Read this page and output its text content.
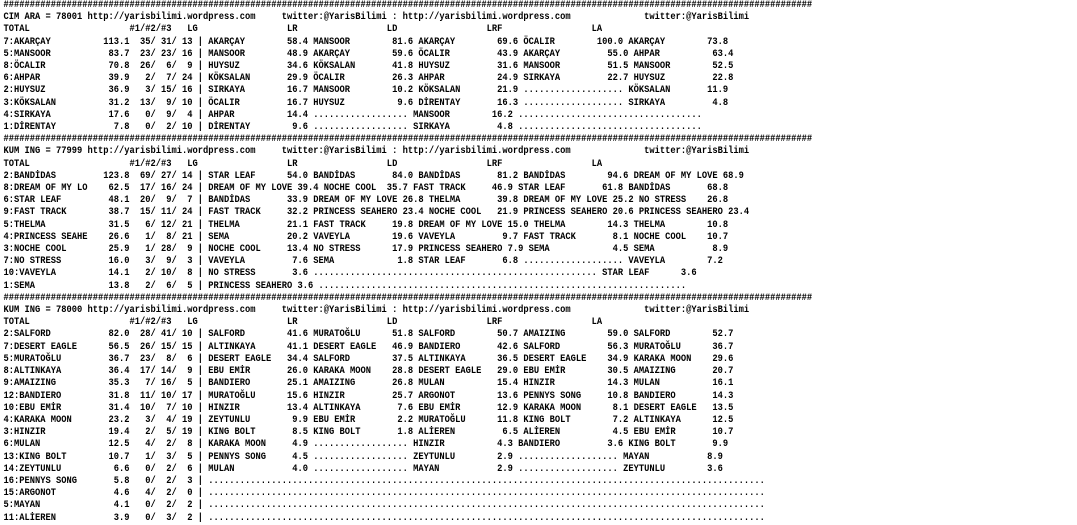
##########################################################################################################################################################
CIM ARA = 78001 http://yarisbilimi.wordpress.com     twitter:@YarisBilimi : http://yarisbilimi.wordpress.com              twitter:@YarisBilimi
TOTAL                   #1/#2/#3   LG                 LR                 LD                 LRF                 LA
7:AKARÇAY          113.1  35/ 31/ 13 | AKARÇAY        58.4 MANSOOR        81.6 AKARÇAY        69.6 ÖCALIR        100.0 AKARÇAY        73.8
5:MANSOOR           83.7  23/ 23/ 16 | MANSOOR        48.9 AKARÇAY        59.6 ÖCALIR         43.9 AKARÇAY         55.0 AHPAR          63.4
8:ÖCALIR            70.8  26/  6/  9 | HUYSUZ         34.6 KÖKSALAN       41.8 HUYSUZ         31.6 MANSOOR         51.5 MANSOOR        52.5
6:AHPAR             39.9   2/  7/ 24 | KÖKSALAN       29.9 ÖCALIR         26.3 AHPAR          24.9 SIRKAYA         22.7 HUYSUZ         22.8
2:HUYSUZ            36.9   3/ 15/ 16 | SIRKAYA        16.7 MANSOOR        10.2 KÖKSALAN       21.9 ................... KÖKSALAN       11.9
3:KÖKSALAN          31.2  13/  9/ 10 | ÖCALIR         16.7 HUYSUZ          9.6 DİRENTAY       16.3 ................... SIRKAYA         4.8
4:SIRKAYA           17.6   0/  9/  4 | AHPAR          14.4 .................. MANSOOR        16.2 ...................................
1:DİRENTAY           7.8   0/  2/ 10 | DİRENTAY        9.6 .................. SIRKAYA         4.8 ...................................
##########################################################################################################################################################
KUM ING = 77999 http://yarisbilimi.wordpress.com     twitter:@YarisBilimi : http://yarisbilimi.wordpress.com              twitter:@YarisBilimi
TOTAL                   #1/#2/#3   LG                 LR                 LD                 LRF                 LA
2:BANDİDAS         123.8  69/ 27/ 14 | STAR LEAF      54.0 BANDİDAS       84.0 BANDİDAS       81.2 BANDİDAS        94.6 DREAM OF MY LOVE 68.9
8:DREAM OF MY LO    62.5  17/ 16/ 24 | DREAM OF MY LOVE 39.4 NOCHE COOL  35.7 FAST TRACK     46.9 STAR LEAF       61.8 BANDİDAS       68.8
6:STAR LEAF         48.1  20/  9/  7 | BANDİDAS       33.9 DREAM OF MY LOVE 26.8 THELMA       39.8 DREAM OF MY LOVE 25.2 NO STRESS    26.8
9:FAST TRACK        38.7  15/ 11/ 24 | FAST TRACK     32.2 PRINCESS SEAHERO 23.4 NOCHE COOL   21.9 PRINCESS SEAHERO 20.6 PRINCESS SEAHERO 23.4
5:THELMA            31.5   6/ 12/ 21 | THELMA         21.1 FAST TRACK     19.8 DREAM OF MY LOVE 15.0 THELMA        14.3 THELMA        10.8
4:PRINCESS SEAHE    26.6   1/  8/ 21 | SEMA           20.2 VAVEYLA        19.6 VAVEYLA         9.7 FAST TRACK       8.1 NOCHE COOL    10.7
3:NOCHE COOL        25.9   1/ 28/  9 | NOCHE COOL     13.4 NO STRESS      17.9 PRINCESS SEAHERO 7.9 SEMA            4.5 SEMA           8.9
7:NO STRESS         16.0   3/  9/  3 | VAVEYLA         7.6 SEMA            1.8 STAR LEAF       6.8 ................... VAVEYLA        7.2
10:VAVEYLA          14.1   2/ 10/  8 | NO STRESS       3.6 ...................................................... STAR LEAF      3.6
1:SEMA              13.8   2/  6/  5 | PRINCESS SEAHERO 3.6 ......................................................................
##########################################################################################################################################################
KUM ING = 78000 http://yarisbilimi.wordpress.com     twitter:@YarisBilimi : http://yarisbilimi.wordpress.com              twitter:@YarisBilimi
TOTAL                   #1/#2/#3   LG                 LR                 LD                 LRF                 LA
2:SALFORD           82.0  28/ 41/ 10 | SALFORD        41.6 MURATOĞLU      51.8 SALFORD        50.7 AMAIZING        59.0 SALFORD        52.7
7:DESERT EAGLE      56.5  26/ 15/ 15 | ALTINKAYA      41.1 DESERT EAGLE   46.9 BANDIERO       42.6 SALFORD         56.3 MURATOĞLU      36.7
5:MURATOĞLU         36.7  23/  8/  6 | DESERT EAGLE   34.4 SALFORD        37.5 ALTINKAYA      36.5 DESERT EAGLE    34.9 KARAKA MOON    29.6
8:ALTINKAYA         36.4  17/ 14/  9 | EBU EMİR       26.0 KARAKA MOON    28.8 DESERT EAGLE   29.0 EBU EMİR        30.5 AMAIZING       20.7
9:AMAIZING          35.3   7/ 16/  5 | BANDIERO       25.1 AMAIZING       26.8 MULAN          15.4 HINZIR          14.3 MULAN          16.1
12:BANDIERO         31.8  11/ 10/ 17 | MURATOĞLU      15.6 HINZIR         25.7 ARGONOT        13.6 PENNYS SONG     10.8 BANDIERO       14.3
10:EBU EMİR         31.4  10/  7/ 10 | HINZIR         13.4 ALTINKAYA       7.6 EBU EMİR       12.9 KARAKA MOON      8.1 DESERT EAGLE   13.5
4:KARAKA MOON       23.2   3/  4/ 19 | ZEYTUNLU        9.9 EBU EMİR        2.2 MURATOĞLU      11.8 KING BOLT        7.2 ALTINKAYA      12.5
3:HINZIR            19.4   2/  5/ 19 | KING BOLT       8.5 KING BOLT       1.8 ALİEREN         6.5 ALİEREN          4.5 EBU EMİR       10.7
6:MULAN             12.5   4/  2/  8 | KARAKA MOON     4.9 .................. HINZIR          4.3 BANDIERO         3.6 KING BOLT       9.9
13:KING BOLT        10.7   1/  3/  5 | PENNYS SONG     4.5 .................. ZEYTUNLU        2.9 ................... MAYAN           8.9
14:ZEYTUNLU          6.6   0/  2/  6 | MULAN           4.0 .................. MAYAN           2.9 ................... ZEYTUNLU        3.6
16:PENNYS SONG       5.8   0/  2/  3 | ..........................................................................................................
15:ARGONOT           4.6   4/  2/  0 | ..........................................................................................................
5:MAYAN              4.1   0/  2/  2 | ..........................................................................................................
11:ALİEREN           3.9   0/  3/  2 | ..........................................................................................................
